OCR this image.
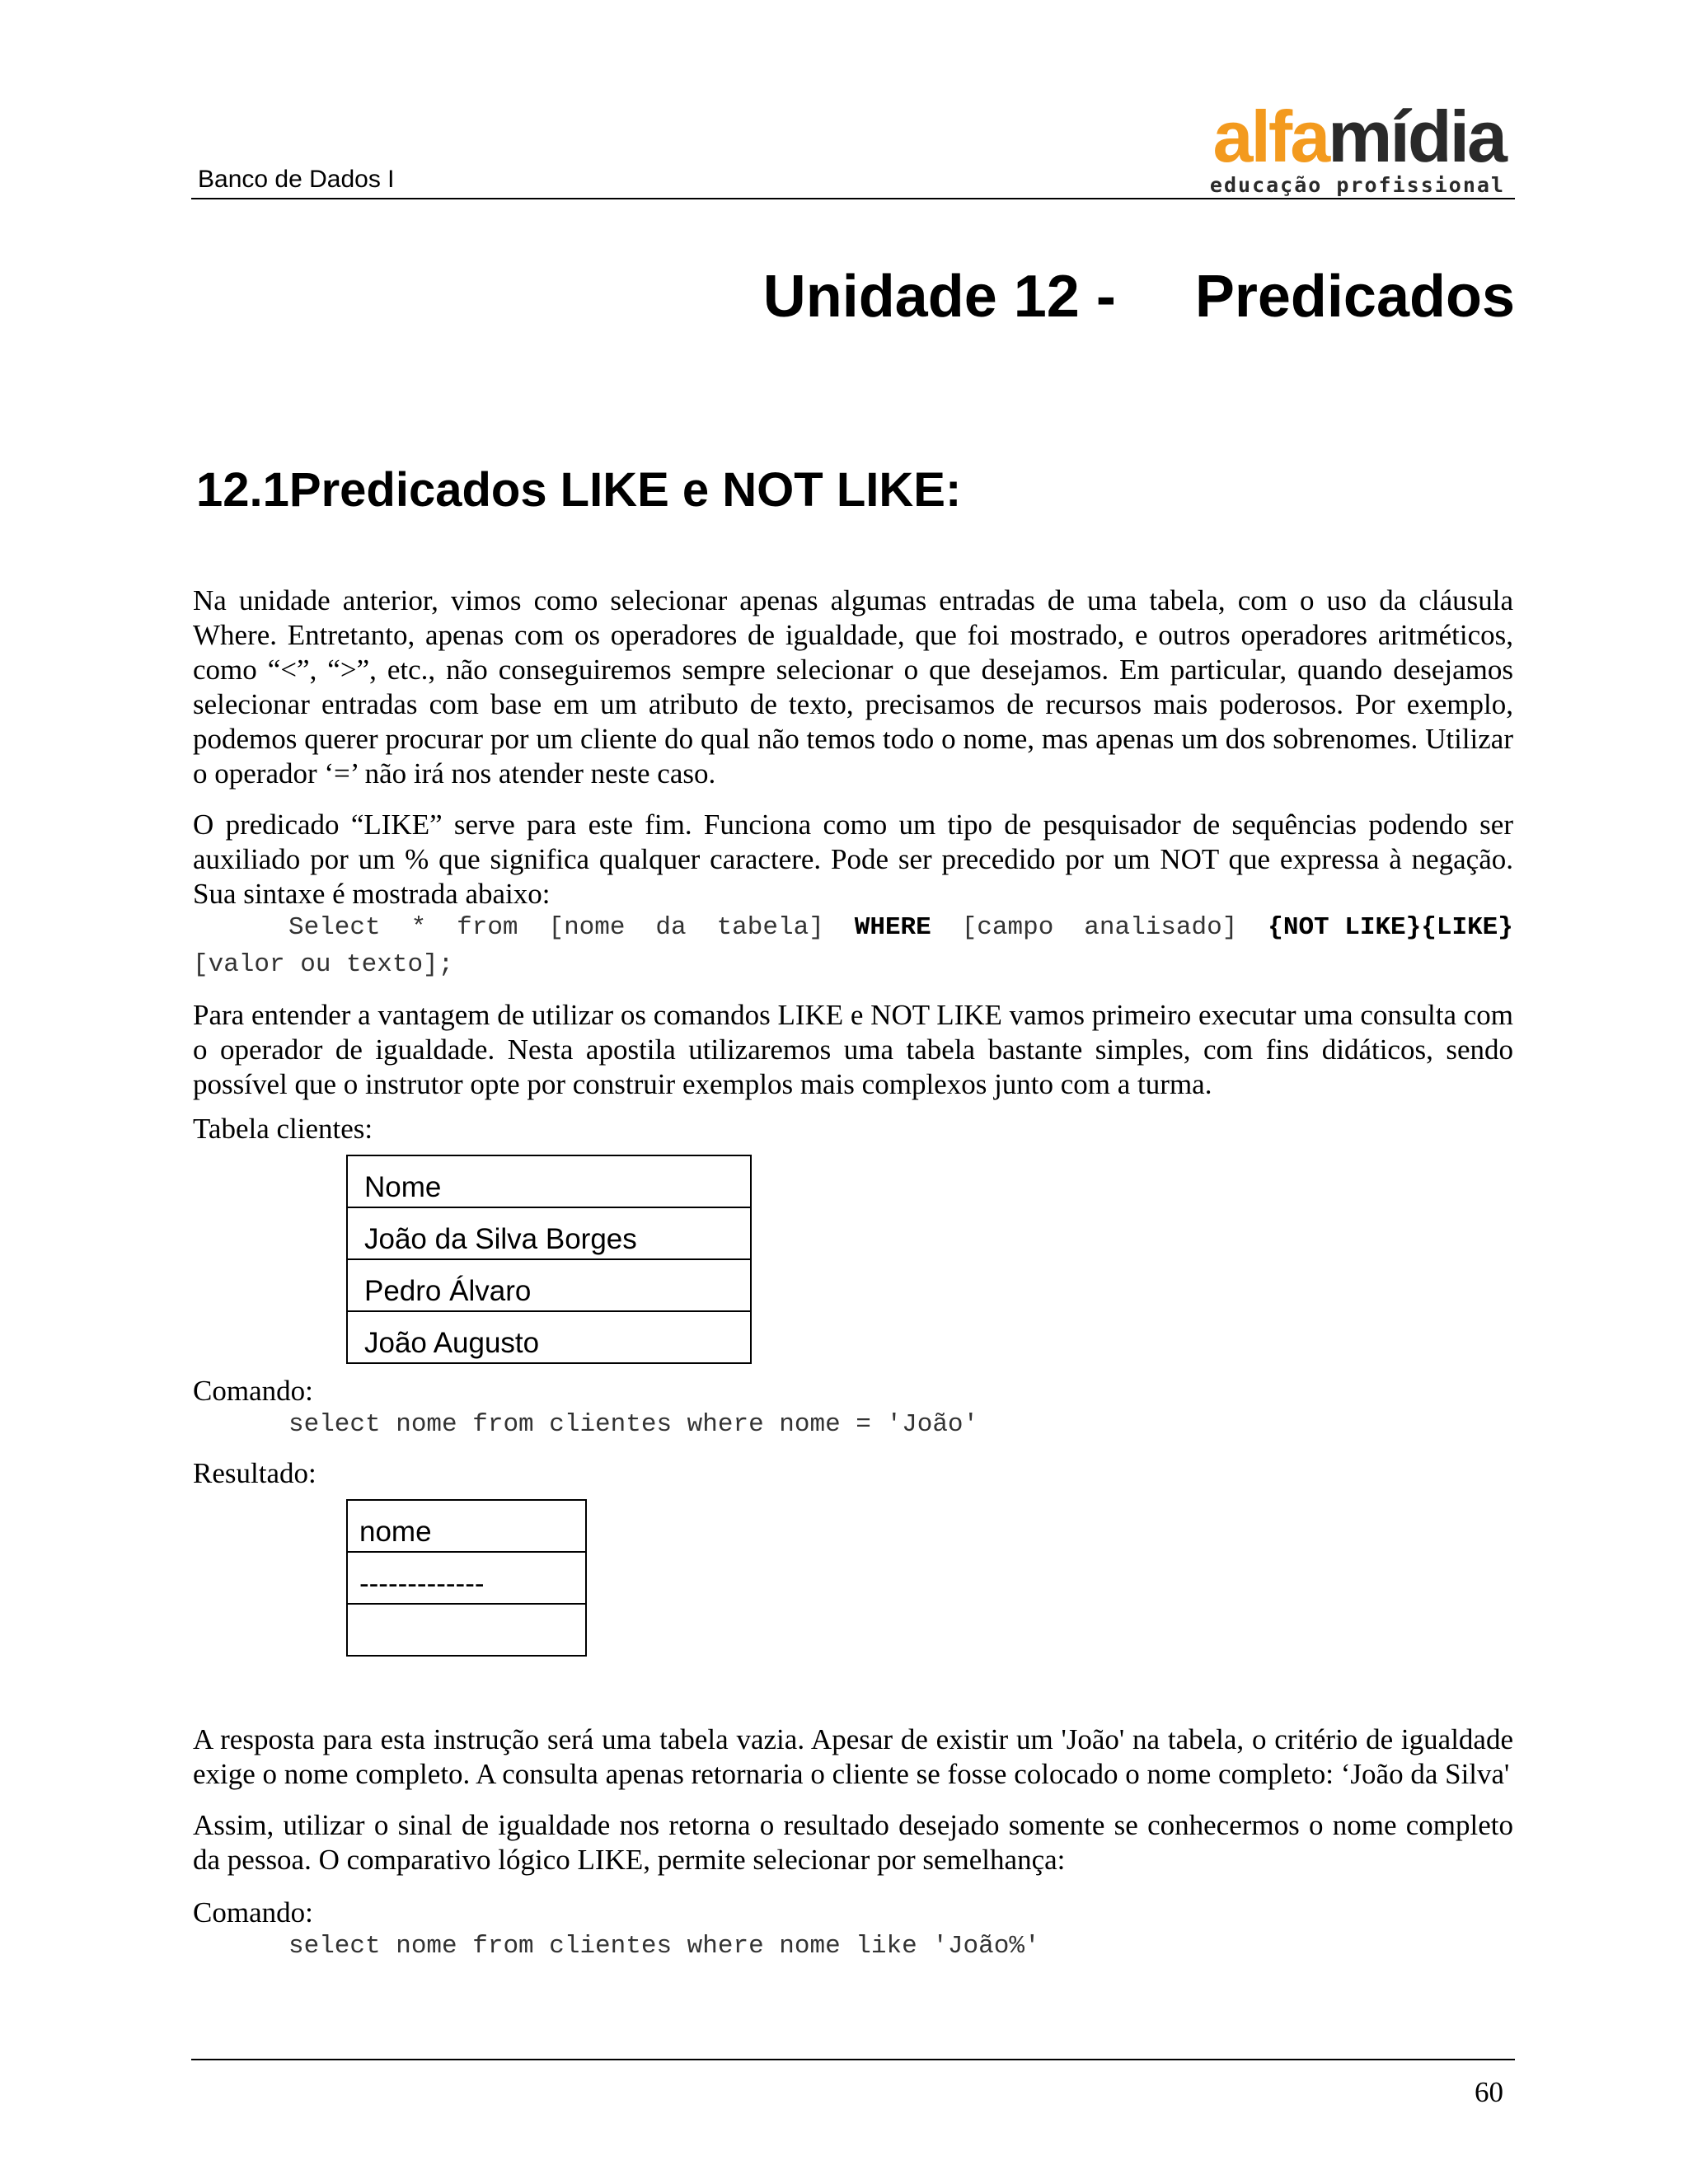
Banco de Dados I
alfamídia
educação profissional
Unidade 12 - Predicados
12.1Predicados LIKE e NOT LIKE:

Na unidade anterior, vimos como selecionar apenas algumas entradas de uma tabela, com o uso da cláusula Where. Entretanto, apenas com os operadores de igualdade, que foi mostrado, e outros operadores aritméticos, como “<”, “>”, etc., não conseguiremos sempre selecionar o que desejamos. Em particular, quando desejamos selecionar entradas com base em um atributo de texto, precisamos de recursos mais poderosos. Por exemplo, podemos querer procurar por um cliente do qual não temos todo o nome, mas apenas um dos sobrenomes. Utilizar o operador ‘=’ não irá nos atender neste caso.

O predicado “LIKE” serve para este fim. Funciona como um tipo de pesquisador de sequências podendo ser auxiliado por um % que significa qualquer caractere. Pode ser precedido por um NOT que expressa à negação. Sua sintaxe é mostrada abaixo:

Select * from [nome da tabela] WHERE [campo analisado] {NOT LIKE}{LIKE}
[valor ou texto];

Para entender a vantagem de utilizar os comandos LIKE e NOT LIKE vamos primeiro executar uma consulta com o operador de igualdade. Nesta apostila utilizaremos uma tabela bastante simples, com fins didáticos, sendo possível que o instrutor opte por construir exemplos mais complexos junto com a turma.

Tabela clientes:
Nome
João da Silva Borges
Pedro Álvaro
João Augusto
Comando:
select nome from clientes where nome = 'João'
Resultado:
nome
-------------

A resposta para esta instrução será uma tabela vazia. Apesar de existir um 'João' na tabela, o critério de igualdade exige o nome completo. A consulta apenas retornaria o cliente se fosse colocado o nome completo: ‘João da Silva'

Assim, utilizar o sinal de igualdade nos retorna o resultado desejado somente se conhecermos o nome completo da pessoa. O comparativo lógico LIKE, permite selecionar por semelhança:

Comando:
select nome from clientes where nome like 'João%'
60
